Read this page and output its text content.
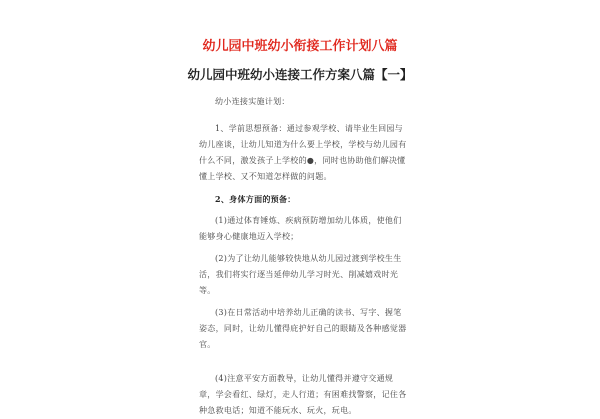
幼儿园中班幼小衔接工作计划八篇
幼儿园中班幼小连接工作方案八篇【一】

幼小连接实施计划：

1、学前思想预备：通过参观学校、请毕业生回园与幼儿座谈，让幼儿知道为什么要上学校，学校与幼儿园有什么不同，激发孩子上学校的●，同时也协助他们解决懂懂上学校、又不知道怎样做的问题。

2、身体方面的预备：

(1)通过体育锤炼、疾病预防增加幼儿体质，使他们能够身心健康地迈入学校；

(2)为了让幼儿能够较快地从幼儿园过渡到学校生生活，我们将实行逐当延伸幼儿学习时光、削减嬉戏时光等。

(3)在日常活动中培养幼儿正确的读书、写字、握笔姿态，同时，让幼儿懂得庇护好自己的眼睛及各种感觉器官。

(4)注意平安方面教导，让幼儿懂得并遵守交通规章，学会看红、绿灯，走人行道；有困难找警察，记住各种急救电话；知道不能玩水、玩火，玩电。
